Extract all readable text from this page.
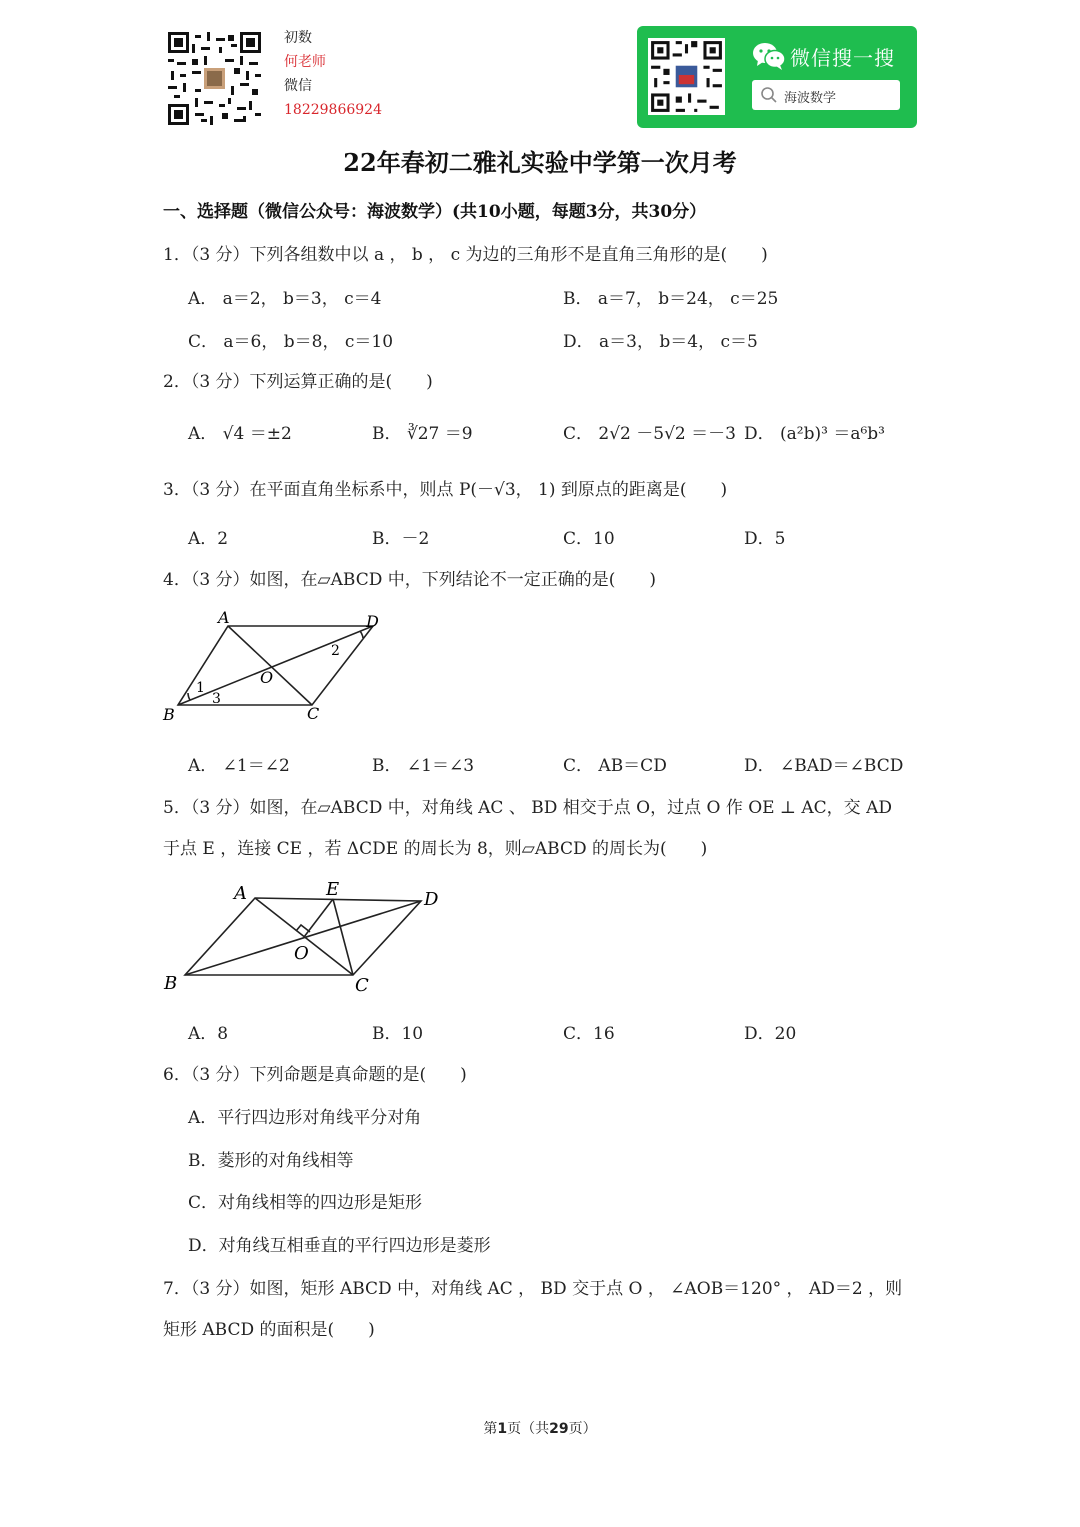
初数
何老师
微信
18229866924
微信搜一搜
海波数学
22年春初二雅礼实验中学第一次月考
一、选择题（微信公众号：海波数学）(共10小题，每题3分，共30分）
1．（3 分）下列各组数中以 a ， b ， c 为边的三角形不是直角三角形的是(　　)
A． a＝2， b＝3， c＝4	B． a＝7， b＝24， c＝25
C． a＝6， b＝8， c＝10	D． a＝3， b＝4， c＝5
2．（3 分）下列运算正确的是(　　)
A． √4 ＝±2	B． ∛27 ＝9	C． 2√2 －5√2 ＝－3 D． (a²b)³ ＝a⁶b³
3．（3 分）在平面直角坐标系中，则点 P(－√3， 1) 到原点的距离是(　　)
A．2	B．－2	C．10	D．5
4．（3 分）如图，在▱ABCD 中，下列结论不一定正确的是(　　)
A	D
B	C
O
1
2
3
A． ∠1＝∠2	B． ∠1＝∠3	C． AB＝CD	D． ∠BAD＝∠BCD
5．（3 分）如图，在▱ABCD 中，对角线 AC 、 BD 相交于点 O，过点 O 作 OE ⊥ AC，交 AD
于点 E ，连接 CE ，若 ΔCDE 的周长为 8，则▱ABCD 的周长为(　　)
A	E	D
B	C
O
A．8	B．10	C．16	D．20
6．（3 分）下列命题是真命题的是(　　)
A．平行四边形对角线平分对角
B．菱形的对角线相等
C．对角线相等的四边形是矩形
D．对角线互相垂直的平行四边形是菱形
7．（3 分）如图，矩形 ABCD 中，对角线 AC ， BD 交于点 O ， ∠AOB＝120° ， AD＝2 ，则
矩形 ABCD 的面积是(　　)
第1页（共29页）
